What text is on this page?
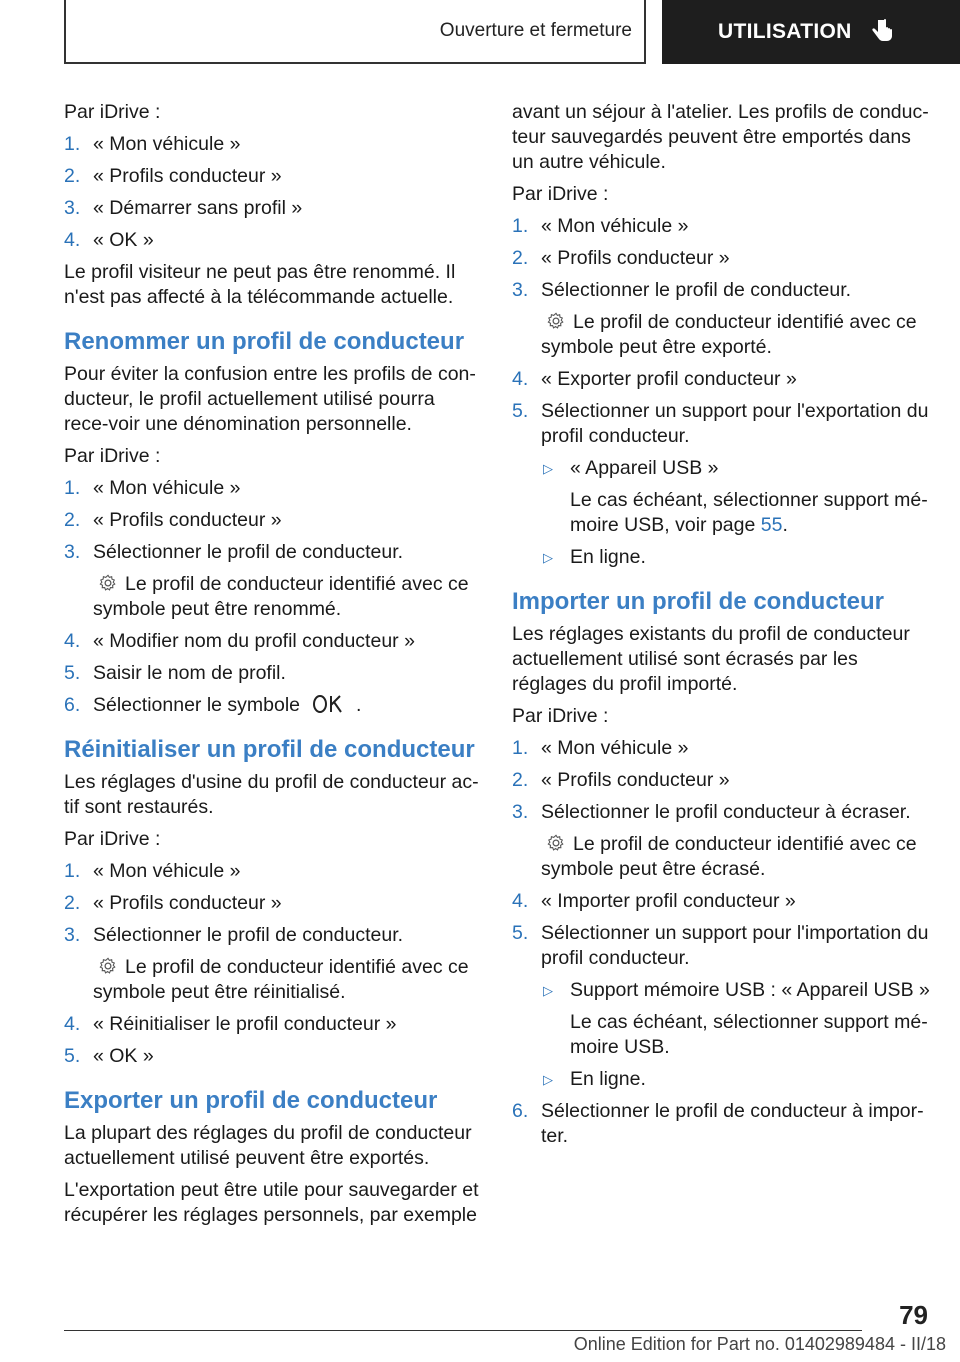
Ouverture et fermeture	UTILISATION

Par iDrive :

1. « Mon véhicule »
2. « Profils conducteur »
3. « Démarrer sans profil »
4. « OK »

Le profil visiteur ne peut pas être renommé. Il n'est pas affecté à la télécommande actuelle.

Renommer un profil de conducteur

Pour éviter la confusion entre les profils de con-ducteur, le profil actuellement utilisé pourra rece-voir une dénomination personnelle.

Par iDrive :

1. « Mon véhicule »
2. « Profils conducteur »
3. Sélectionner le profil de conducteur.

Le profil de conducteur identifié avec ce symbole peut être renommé.

4. « Modifier nom du profil conducteur »
5. Saisir le nom de profil.
6. Sélectionner le symbole	.
Réinitialiser un profil de conducteur

Les réglages d'usine du profil de conducteur ac-tif sont restaurés.

Par iDrive :

1. « Mon véhicule »
2. « Profils conducteur »
3. Sélectionner le profil de conducteur.

Le profil de conducteur identifié avec ce symbole peut être réinitialisé.

4. « Réinitialiser le profil conducteur »
5. « OK »
Exporter un profil de conducteur

La plupart des réglages du profil de conducteur actuellement utilisé peuvent être exportés.

L'exportation peut être utile pour sauvegarder et récupérer les réglages personnels, par exemple

avant un séjour à l'atelier. Les profils de conduc-teur sauvegardés peuvent être emportés dans un autre véhicule.

Par iDrive :

1. « Mon véhicule »
2. « Profils conducteur »
3. Sélectionner le profil de conducteur.

Le profil de conducteur identifié avec ce symbole peut être exporté.

4. « Exporter profil conducteur »
5. Sélectionner un support pour l'exportation du profil conducteur.
▷ « Appareil USB »
Le cas échéant, sélectionner support mé-moire USB, voir page 55.
▷ En ligne.
Importer un profil de conducteur

Les réglages existants du profil de conducteur actuellement utilisé sont écrasés par les réglages du profil importé.

Par iDrive :

1. « Mon véhicule »
2. « Profils conducteur »
3. Sélectionner le profil conducteur à écraser.

Le profil de conducteur identifié avec ce symbole peut être écrasé.

4. « Importer profil conducteur »
5. Sélectionner un support pour l'importation du profil conducteur.
▷ Support mémoire USB : « Appareil USB »
Le cas échéant, sélectionner support mé-moire USB.
▷ En ligne.
6. Sélectionner le profil de conducteur à impor-ter.
79
Online Edition for Part no. 01402989484 - II/18
